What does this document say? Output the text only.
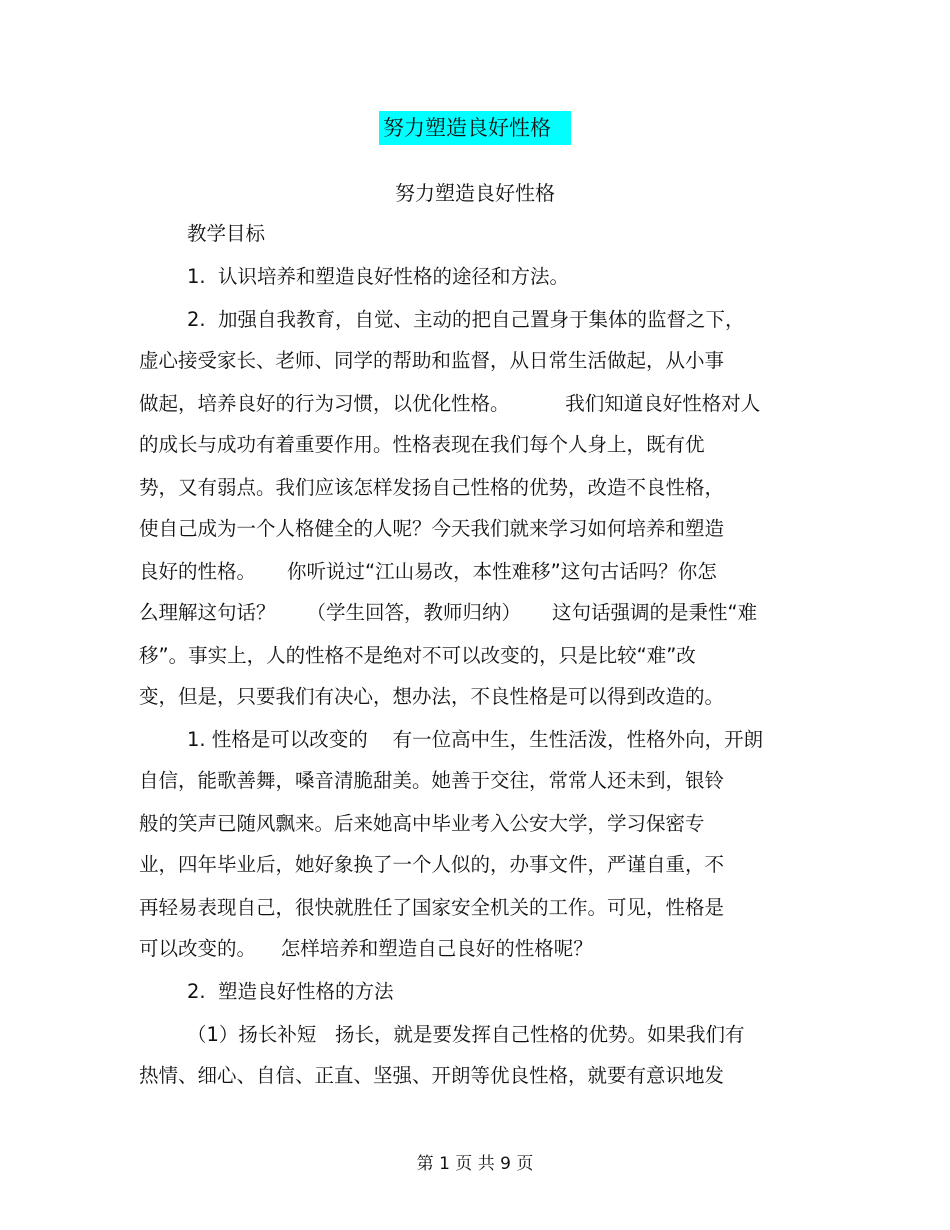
努力塑造良好性格
努力塑造良好性格
教学目标
1.  认识培养和塑造良好性格的途径和方法。
2.  加强自我教育，自觉、主动的把自己置身于集体的监督之下，
虚心接受家长、老师、同学的帮助和监督，从日常生活做起，从小事
做起，培养良好的行为习惯，以优化性格。         我们知道良好性格对人
的成长与成功有着重要作用。性格表现在我们每个人身上，既有优
势，又有弱点。我们应该怎样发扬自己性格的优势，改造不良性格，
使自己成为一个人格健全的人呢？今天我们就来学习如何培养和塑造
良好的性格。     你听说过“江山易改，本性难移”这句古话吗？你怎
么理解这句话？     （学生回答，教师归纳）     这句话强调的是秉性“难
移”。事实上，人的性格不是绝对不可以改变的，只是比较“难”改
变，但是，只要我们有决心，想办法，不良性格是可以得到改造的。
1. 性格是可以改变的    有一位高中生，生性活泼，性格外向，开朗
自信，能歌善舞，嗓音清脆甜美。她善于交往，常常人还未到，银铃
般的笑声已随风飘来。后来她高中毕业考入公安大学，学习保密专
业，四年毕业后，她好象换了一个人似的，办事文件，严谨自重，不
再轻易表现自己，很快就胜任了国家安全机关的工作。可见，性格是
可以改变的。    怎样培养和塑造自己良好的性格呢？
2.  塑造良好性格的方法
（1）扬长补短   扬长，就是要发挥自己性格的优势。如果我们有
热情、细心、自信、正直、坚强、开朗等优良性格，就要有意识地发
第 1 页 共 9 页
